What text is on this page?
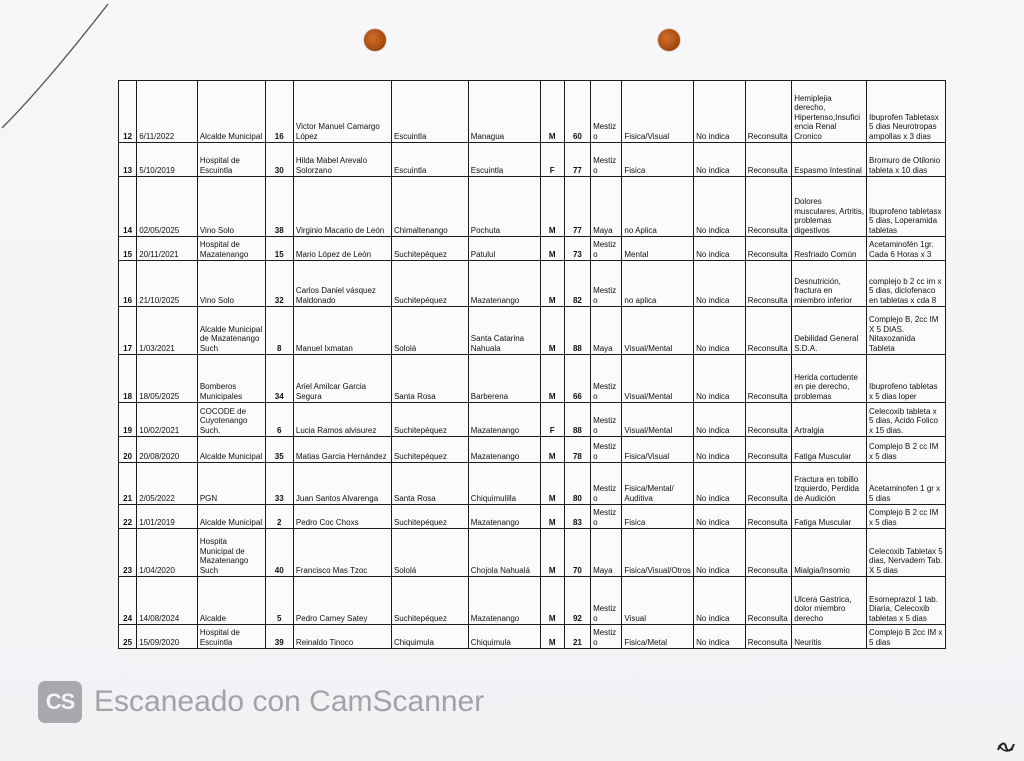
12	6/11/2022	Alcalde Municipal	16	Victor Manuel Camargo López	Escuintla	Managua	M	60	Mestizo	Fisica/Visual	No indica	Reconsulta	Hemiplejia derecho, Hipertenso,Insuficiencia Renal Cronico	Ibuprofen Tabletasx 5 dias Neurotropas ampollas x 3 dias
13	5/10/2019	Hospital de Escuintla	30	Hilda Mabel Arevalo Solorzano	Escuintla	Escuintla	F	77	Mestizo	Fisica	No indica	Reconsulta	Espasmo Intestinal	Bromuro de Otilonio tableta x 10 dias
14	02/05/2025	Vino Solo	38	Virginio Macario de León	Chimaltenango	Pochuta	M	77	Maya	no Aplica	No indica	Reconsulta	Dolores musculares, Artritis, problemas digestivos	Ibuprofeno tabletasx 5 dias, Loperamida tabletas
15	20/11/2021	Hospital de Mazatenango	15	Mario López de León	Suchitepéquez	Patulul	M	73	Mestizo	Mental	No indica	Reconsulta	Resfriado Común	Acetaminofén 1gr. Cada 6 Horas x 3
16	21/10/2025	Vino Solo	32	Carlos Daniel vásquez Maldonado	Suchitepéquez	Mazatenango	M	82	Mestizo	no aplica	No indica	Reconsulta	Desnutrición, fractura en miembro inferior	complejo b 2 cc im x 5 dias, diclofenaco en tabletas x cda 8
17	1/03/2021	Alcalde Municipal de Mazatenango Such	8	Manuel Ixmatan	Sololá	Santa Catarina Nahuala	M	88	Maya	Visual/Mental	No indica	Reconsulta	Debilidad General S.D.A.	Complejo B, 2cc IM X 5 DIAS. Nitaxozanida Tableta
18	18/05/2025	Bomberos Municipales	34	Ariel Amilcar Garcia Segura	Santa Rosa	Barberena	M	66	Mestizo	Visual/Mental	No indica	Reconsulta	Herida cortudente en pie derecho, problemas	Ibuprofeno tabletas x 5 dias loper
19	10/02/2021	COCODE de Cuyotenango Such.	6	Lucia Ramos alvisurez	Suchitepéquez	Mazatenango	F	88	Mestizo	Visual/Mental	No indica	Reconsulta	Artralgia	Celecoxib tableta x 5 dias, Acido Folico x 15 dias.
20	20/08/2020	Alcalde Municipal	35	Matias Garcia Hernández	Suchitepéquez	Mazatenango	M	78	Mestizo	Fisica/Visual	No indica	Reconsulta	Fatiga Muscular	Complejo B 2 cc IM x 5 dias
21	2/05/2022	PGN	33	Juan Santos Alvarenga	Santa Rosa	Chiquimulilla	M	80	Mestizo	Fisica/Mental/ Auditiva	No indica	Reconsulta	Fractura en tobillo Izquierdo, Perdida de Audición	Acetaminofen 1 gr x 5 dias
22	1/01/2019	Alcalde Municipal	2	Pedro Coc Choxs	Suchitepéquez	Mazatenango	M	83	Mestizo	Fisica	No indica	Reconsulta	Fatiga Muscular	Complejo B 2 cc IM x 5 dias
23	1/04/2020	Hospita Municipal de Mazatenango Such	40	Francisco Mas Tzoc	Sololá	Chojola Nahualá	M	70	Maya	Fisica/Visual/Otros	No indica	Reconsulta	Mialgia/Insomio	Celecoxib Tabletax 5 dias, Nervadem Tab. X 5 dias
24	14/08/2024	Alcalde	5	Pedro Camey Satey	Suchitepéquez	Mazatenango	M	92	Mestizo	Visual	No indica	Reconsulta	Ulcera Gastrica, dolor miembro derecho	Esomeprazol 1 tab. Diaria, Celecoxib tabletas x 5 dias
25	15/09/2020	Hospital de Escuintla	39	Reinaldo Tinoco	Chiquimula	Chiquimula	M	21	Mestizo	Fisica/Metal	No indica	Reconsulta	Neuritis	Complejo B 2cc IM x 5 dias
CS Escaneado con CamScanner
